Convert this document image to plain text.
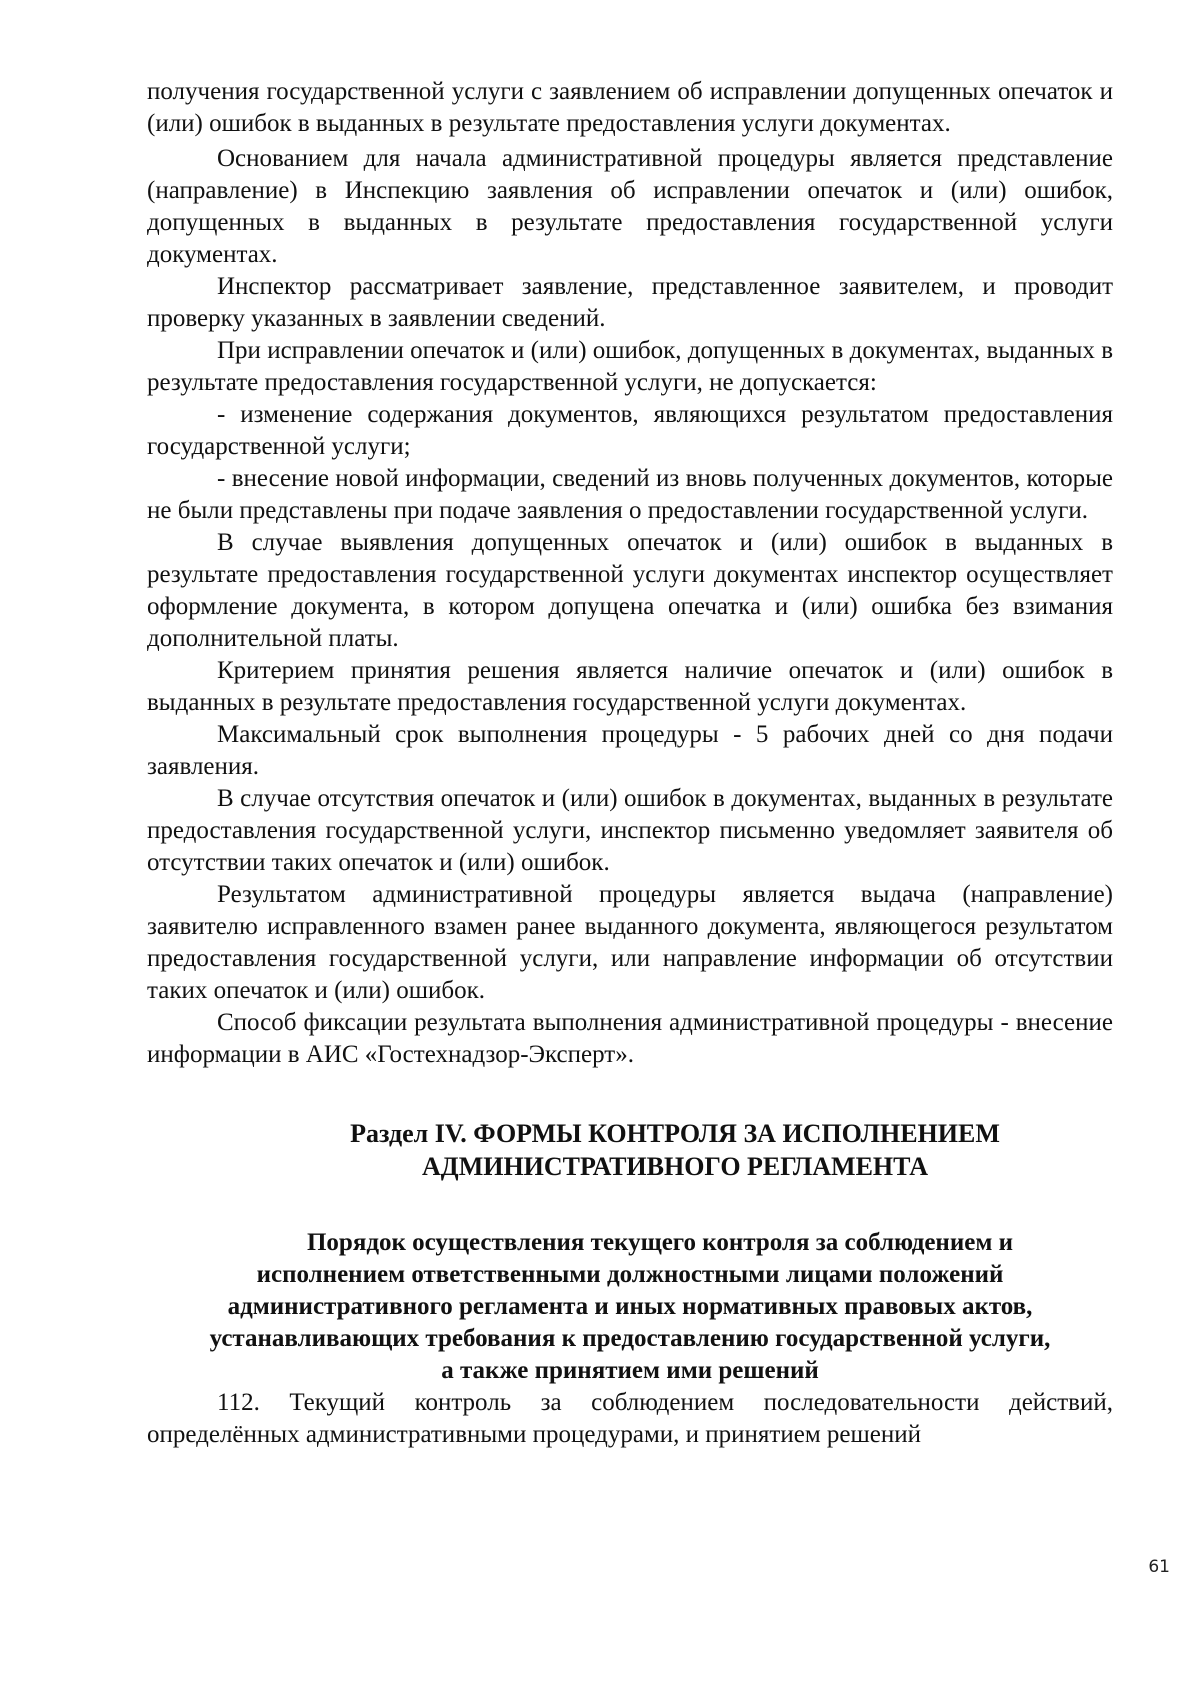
получения государственной услуги с заявлением об исправлении допущенных опечаток и (или) ошибок в выданных в результате предоставления услуги документах.

Основанием для начала административной процедуры является представление (направление) в Инспекцию заявления об исправлении опечаток и (или) ошибок, допущенных в выданных в результате предоставления государственной услуги документах.

Инспектор рассматривает заявление, представленное заявителем, и проводит проверку указанных в заявлении сведений.

При исправлении опечаток и (или) ошибок, допущенных в документах, выданных в результате предоставления государственной услуги, не допускается:

- изменение содержания документов, являющихся результатом предоставления государственной услуги;

- внесение новой информации, сведений из вновь полученных документов, которые не были представлены при подаче заявления о предоставлении государственной услуги.

В случае выявления допущенных опечаток и (или) ошибок в выданных в результате предоставления государственной услуги документах инспектор осуществляет оформление документа, в котором допущена опечатка и (или) ошибка без взимания дополнительной платы.

Критерием принятия решения является наличие опечаток и (или) ошибок в выданных в результате предоставления государственной услуги документах.

Максимальный срок выполнения процедуры - 5 рабочих дней со дня подачи заявления.

В случае отсутствия опечаток и (или) ошибок в документах, выданных в результате предоставления государственной услуги, инспектор письменно уведомляет заявителя об отсутствии таких опечаток и (или) ошибок.

Результатом административной процедуры является выдача (направление) заявителю исправленного взамен ранее выданного документа, являющегося результатом предоставления государственной услуги, или направление информации об отсутствии таких опечаток и (или) ошибок.

Способ фиксации результата выполнения административной процедуры - внесение информации в АИС «Гостехнадзор-Эксперт».

Раздел IV. ФОРМЫ КОНТРОЛЯ ЗА ИСПОЛНЕНИЕМ
АДМИНИСТРАТИВНОГО РЕГЛАМЕНТА
Порядок осуществления текущего контроля за соблюдением и
исполнением ответственными должностными лицами положений
административного регламента и иных нормативных правовых актов,
устанавливающих требования к предоставлению государственной услуги,
а также принятием ими решений

112. Текущий контроль за соблюдением последовательности действий, определённых административными процедурами, и принятием решений

61
